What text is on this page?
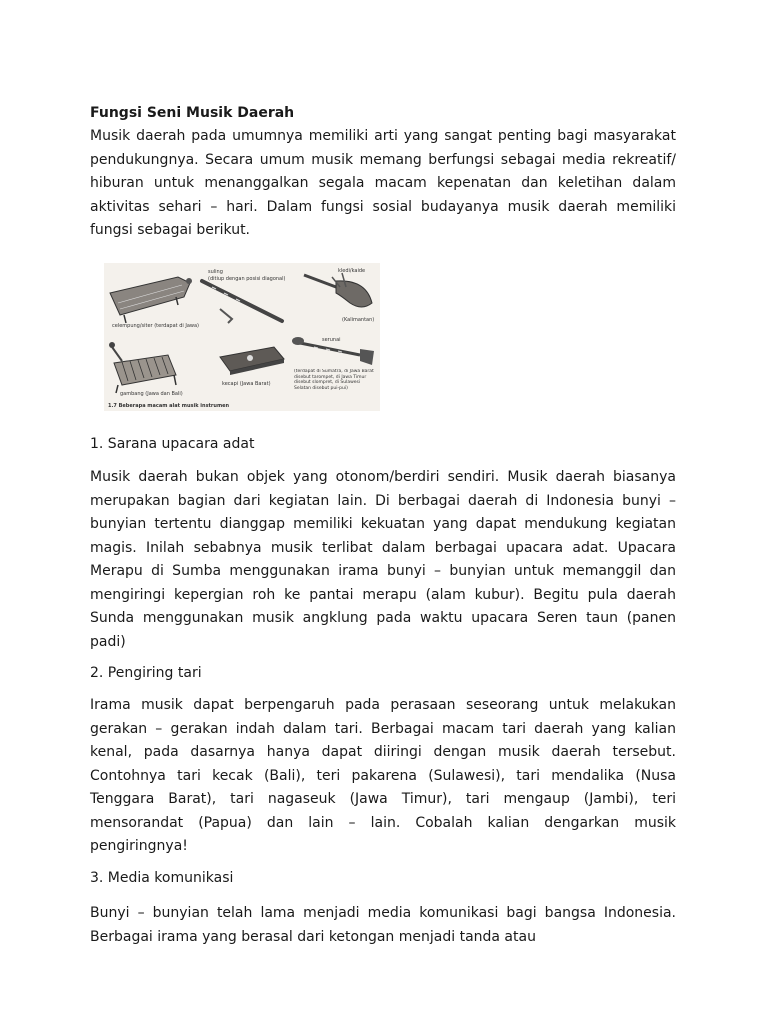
Fungsi Seni Musik Daerah

Musik daerah pada umumnya memiliki arti yang sangat penting bagi masyarakat pendukungnya. Secara umum musik memang berfungsi sebagai media rekreatif/ hiburan untuk menanggalkan segala macam kepenatan dan keletihan dalam aktivitas sehari – hari. Dalam fungsi sosial budayanya musik daerah memiliki fungsi sebagai berikut.

celempung/siter (terdapat di Jawa)
suling
(ditiup dengan posisi diagonal)
kledi/kaide
(Kalimantan)
gambang (Jawa dan Bali)
kecapi (Jawa Barat)
serunai
(terdapat di Sumatra, di Jawa Barat disebut tarompet, di Jawa Timur disebut slompret, di Sulawesi Selatan disebut pui-pui)
1.7 Beberapa macam alat musik instrumen

1. Sarana upacara adat

Musik daerah bukan objek yang otonom/berdiri sendiri. Musik daerah biasanya merupakan bagian dari kegiatan lain. Di berbagai daerah di Indonesia bunyi – bunyian tertentu dianggap memiliki kekuatan yang dapat mendukung kegiatan magis. Inilah sebabnya musik terlibat dalam berbagai upacara adat. Upacara Merapu di Sumba menggunakan irama bunyi – bunyian untuk memanggil dan mengiringi kepergian roh ke pantai merapu (alam kubur). Begitu pula daerah Sunda menggunakan musik angklung pada waktu upacara Seren taun (panen padi)

2. Pengiring tari

Irama musik dapat berpengaruh pada perasaan seseorang untuk melakukan gerakan – gerakan indah dalam tari. Berbagai macam tari daerah yang kalian kenal, pada dasarnya hanya dapat diiringi dengan musik daerah tersebut. Contohnya tari kecak (Bali), teri pakarena (Sulawesi), tari mendalika (Nusa Tenggara Barat), tari nagaseuk (Jawa Timur), tari mengaup (Jambi), teri mensorandat (Papua) dan lain – lain. Cobalah kalian dengarkan musik pengiringnya!

3. Media komunikasi

Bunyi – bunyian telah lama menjadi media komunikasi bagi bangsa Indonesia. Berbagai irama yang berasal dari ketongan menjadi tanda atau
